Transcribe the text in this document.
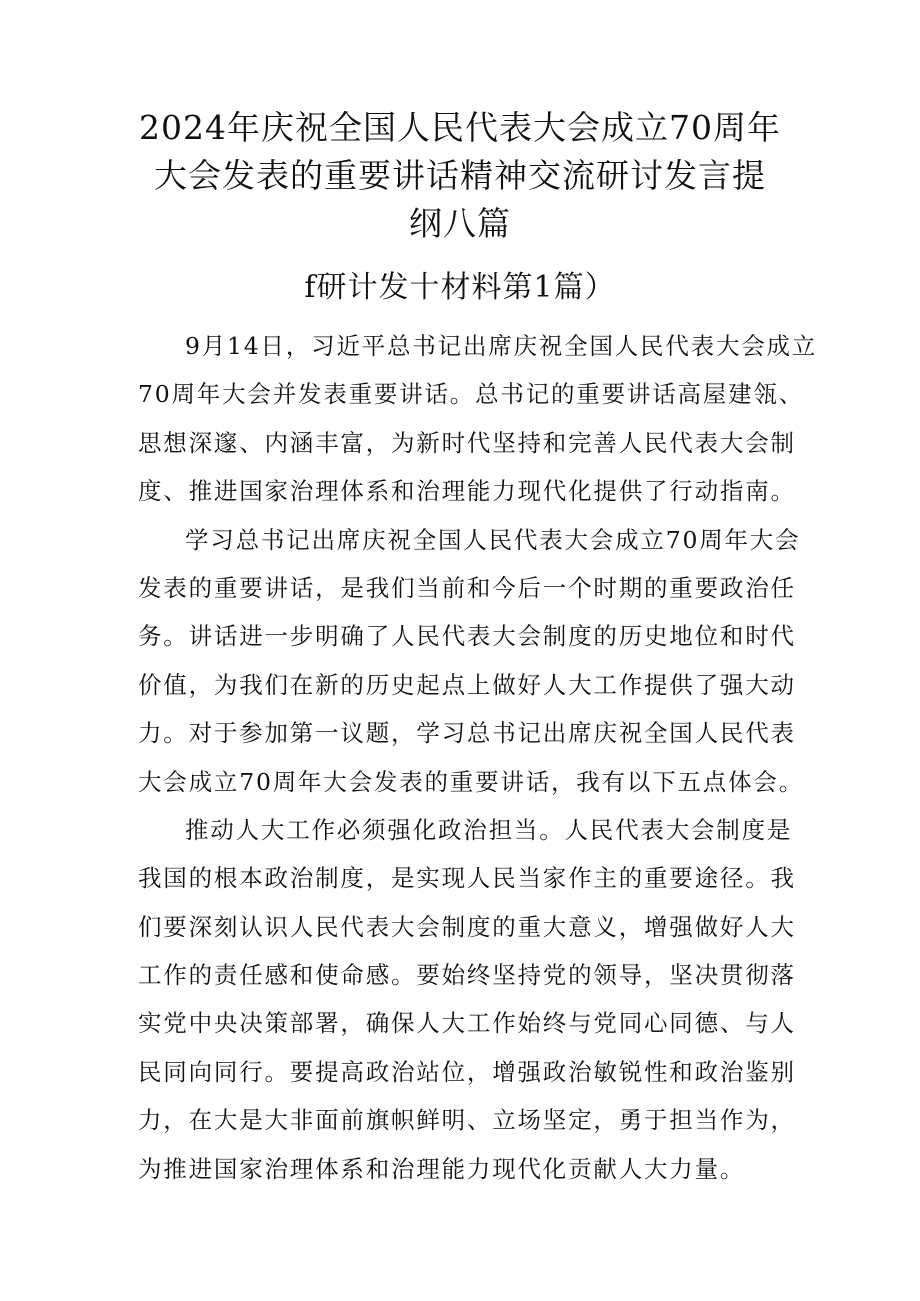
2024年庆祝全国人民代表大会成立70周年
大会发表的重要讲话精神交流研讨发言提
纲八篇
f研计发十材料第1篇）
9月14日，习近平总书记出席庆祝全国人民代表大会成立
70周年大会并发表重要讲话。总书记的重要讲话高屋建瓴、
思想深邃、内涵丰富，为新时代坚持和完善人民代表大会制
度、推进国家治理体系和治理能力现代化提供了行动指南。
学习总书记出席庆祝全国人民代表大会成立70周年大会
发表的重要讲话，是我们当前和今后一个时期的重要政治任
务。讲话进一步明确了人民代表大会制度的历史地位和时代
价值，为我们在新的历史起点上做好人大工作提供了强大动
力。对于参加第一议题，学习总书记出席庆祝全国人民代表
大会成立70周年大会发表的重要讲话，我有以下五点体会。
推动人大工作必须强化政治担当。人民代表大会制度是
我国的根本政治制度，是实现人民当家作主的重要途径。我
们要深刻认识人民代表大会制度的重大意义，增强做好人大
工作的责任感和使命感。要始终坚持党的领导，坚决贯彻落
实党中央决策部署，确保人大工作始终与党同心同德、与人
民同向同行。要提高政治站位，增强政治敏锐性和政治鉴别
力，在大是大非面前旗帜鲜明、立场坚定，勇于担当作为，
为推进国家治理体系和治理能力现代化贡献人大力量。
